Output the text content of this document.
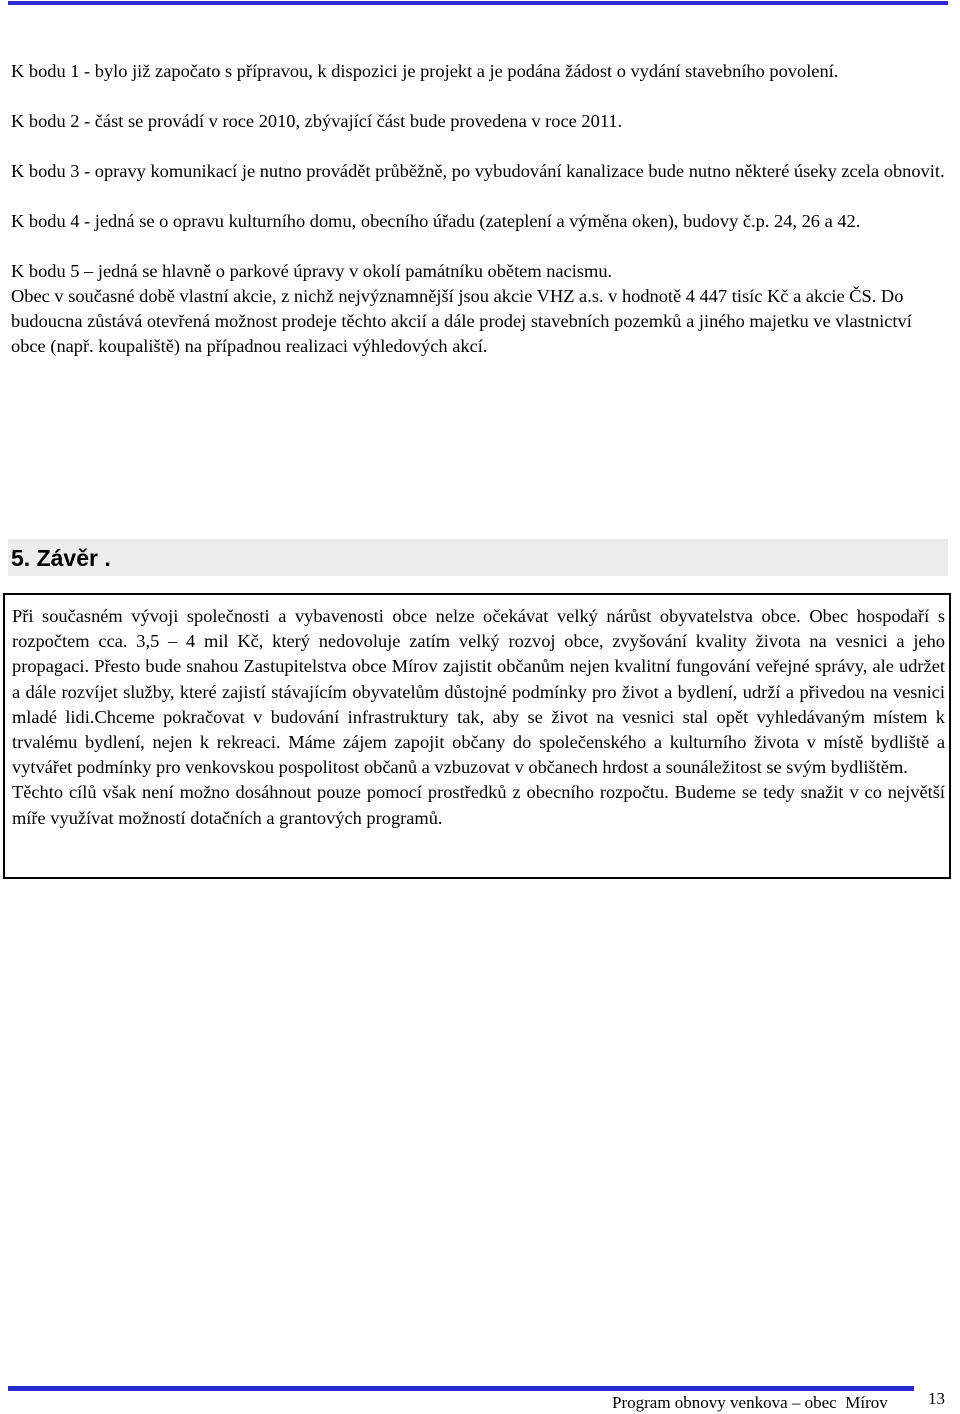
K bodu 1 - bylo již započato s přípravou, k dispozici je projekt a je podána žádost o vydání stavebního povolení.

K bodu 2 - část se provádí v roce 2010, zbývající část bude provedena v roce 2011.

K bodu 3 - opravy komunikací je nutno provádět průběžně, po vybudování kanalizace bude nutno některé úseky zcela obnovit.

K bodu 4 - jedná se o opravu kulturního domu, obecního úřadu (zateplení a výměna oken), budovy č.p. 24, 26 a 42.

K bodu 5 – jedná se hlavně o parkové úpravy v okolí památníku obětem nacismu.

Obec v současné době vlastní akcie, z nichž nejvýznamnější jsou akcie VHZ a.s. v hodnotě 4 447 tisíc Kč a akcie ČS. Do budoucna zůstává otevřená možnost prodeje těchto akcií a dále prodej stavebních pozemků a jiného majetku ve vlastnictví obce (např. koupaliště) na případnou realizaci výhledových akcí.

5. Závěr .

Při současném vývoji společnosti a vybavenosti obce nelze očekávat velký nárůst obyvatelstva obce. Obec hospodaří s rozpočtem cca. 3,5 – 4 mil Kč, který nedovoluje zatím velký rozvoj obce, zvyšování kvality života na vesnici a jeho propagaci. Přesto bude snahou Zastupitelstva obce Mírov zajistit občanům nejen kvalitní fungování veřejné správy, ale udržet a dále rozvíjet služby, které zajistí stávajícím obyvatelům důstojné podmínky pro život a bydlení, udrží a přivedou na vesnici mladé lidi.Chceme pokračovat v budování infrastruktury tak, aby se život na vesnici stal opět vyhledávaným místem k trvalému bydlení, nejen k rekreaci. Máme zájem zapojit občany do společenského a kulturního života v místě bydliště a vytvářet podmínky pro venkovskou pospolitost občanů a vzbuzovat v občanech hrdost a sounáležitost se svým bydlištěm.

Těchto cílů však není možno dosáhnout pouze pomocí prostředků z obecního rozpočtu. Budeme se tedy snažit v co největší míře využívat možností dotačních a grantových programů.

Program obnovy venkova – obec  Mírov 13
